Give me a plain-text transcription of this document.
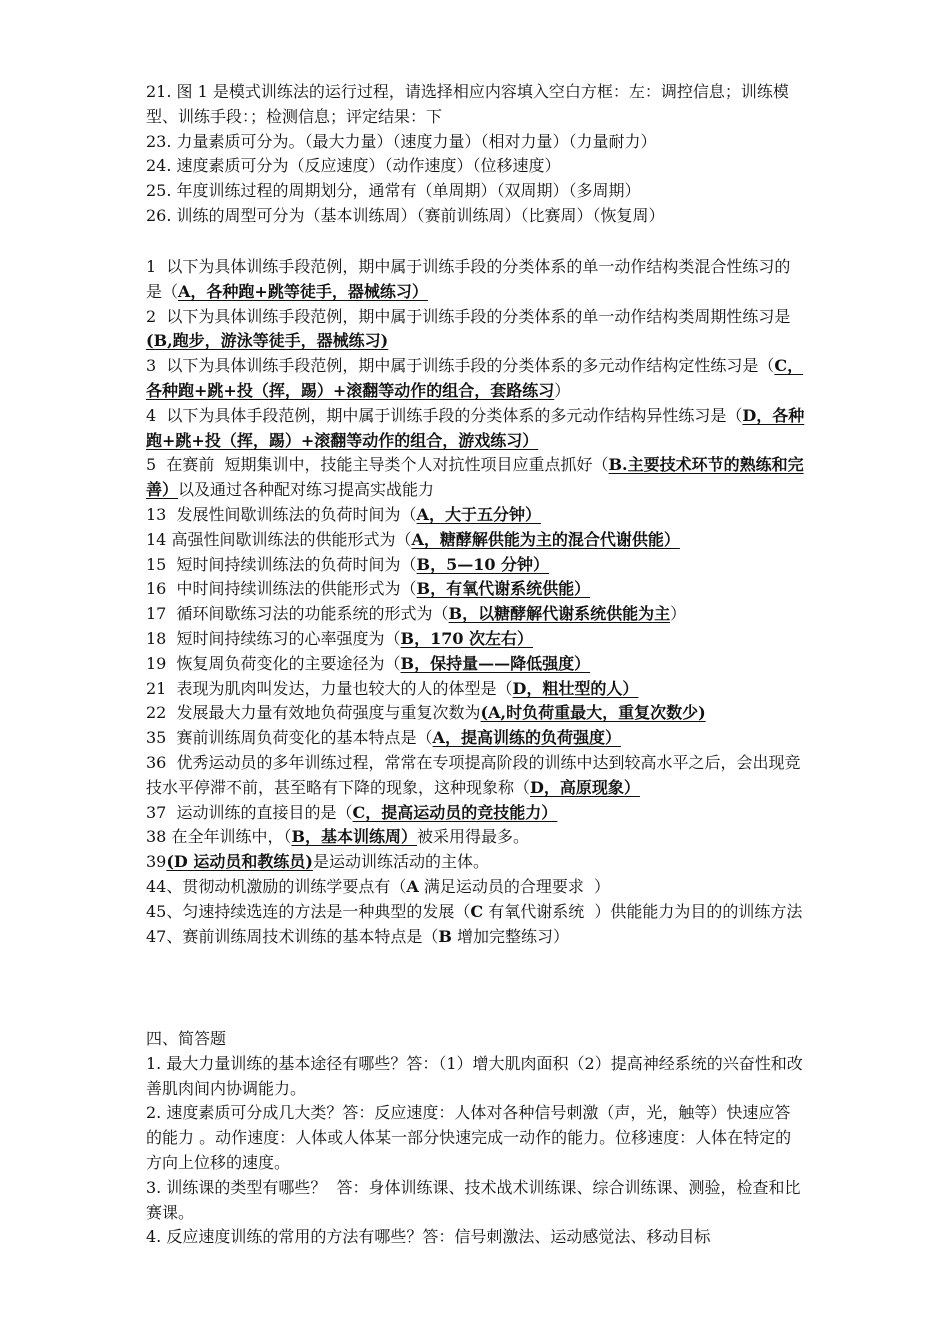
21. 图 1 是模式训练法的运行过程，请选择相应内容填入空白方框：左：调控信息；训练模型、训练手段：；检测信息；评定结果：下

23. 力量素质可分为。（最大力量）（速度力量）（相对力量）（力量耐力）

24. 速度素质可分为（反应速度）（动作速度）（位移速度）

25. 年度训练过程的周期划分，通常有（单周期）（双周期）（多周期）

26. 训练的周型可分为（基本训练周）（赛前训练周）（比赛周）（恢复周）

1  以下为具体训练手段范例，期中属于训练手段的分类体系的单一动作结构类混合性练习的是（A，各种跑+跳等徒手，器械练习）

2  以下为具体训练手段范例，期中属于训练手段的分类体系的单一动作结构类周期性练习是(B,跑步，游泳等徒手，器械练习)

3  以下为具体训练手段范例，期中属于训练手段的分类体系的多元动作结构定性练习是（C，各种跑+跳+投（挥，踢）+滚翻等动作的组合，套路练习）

4  以下为具体手段范例，期中属于训练手段的分类体系的多元动作结构异性练习是（D，各种跑+跳+投（挥，踢）+滚翻等动作的组合，游戏练习）

5  在赛前  短期集训中，技能主导类个人对抗性项目应重点抓好（B.主要技术环节的熟练和完善）以及通过各种配对练习提高实战能力

13  发展性间歇训练法的负荷时间为（A，大于五分钟）

14 高强性间歇训练法的供能形式为（A，糖酵解供能为主的混合代谢供能）

15  短时间持续训练法的负荷时间为（B，5—10 分钟）

16  中时间持续训练法的供能形式为（B，有氧代谢系统供能）

17  循环间歇练习法的功能系统的形式为（B，以糖酵解代谢系统供能为主）

18  短时间持续练习的心率强度为（B，170 次左右）

19  恢复周负荷变化的主要途径为（B，保持量——降低强度）

21  表现为肌肉叫发达，力量也较大的人的体型是（D，粗壮型的人）

22  发展最大力量有效地负荷强度与重复次数为(A,时负荷重最大，重复次数少)

35  赛前训练周负荷变化的基本特点是（A，提高训练的负荷强度）

36  优秀运动员的多年训练过程，常常在专项提高阶段的训练中达到较高水平之后，会出现竞技水平停滞不前，甚至略有下降的现象，这种现象称（D，高原现象）

37  运动训练的直接目的是（C，提高运动员的竞技能力）

38 在全年训练中，（B，基本训练周）被采用得最多。

39(D 运动员和教练员)是运动训练活动的主体。

44、贯彻动机激励的训练学要点有（A 满足运动员的合理要求  ）

45、匀速持续选连的方法是一种典型的发展（C 有氧代谢系统  ）供能能力为目的的训练方法

47、赛前训练周技术训练的基本特点是（B 增加完整练习）

四、简答题

1. 最大力量训练的基本途径有哪些？答：（1）增大肌肉面积（2）提高神经系统的兴奋性和改善肌肉间内协调能力。

2. 速度素质可分成几大类？答：反应速度：人体对各种信号刺激（声，光，触等）快速应答的能力 。动作速度：人体或人体某一部分快速完成一动作的能力。位移速度：人体在特定的方向上位移的速度。

3. 训练课的类型有哪些？  答：身体训练课、技术战术训练课、综合训练课、测验，检查和比赛课。

4. 反应速度训练的常用的方法有哪些？答：信号刺激法、运动感觉法、移动目标
